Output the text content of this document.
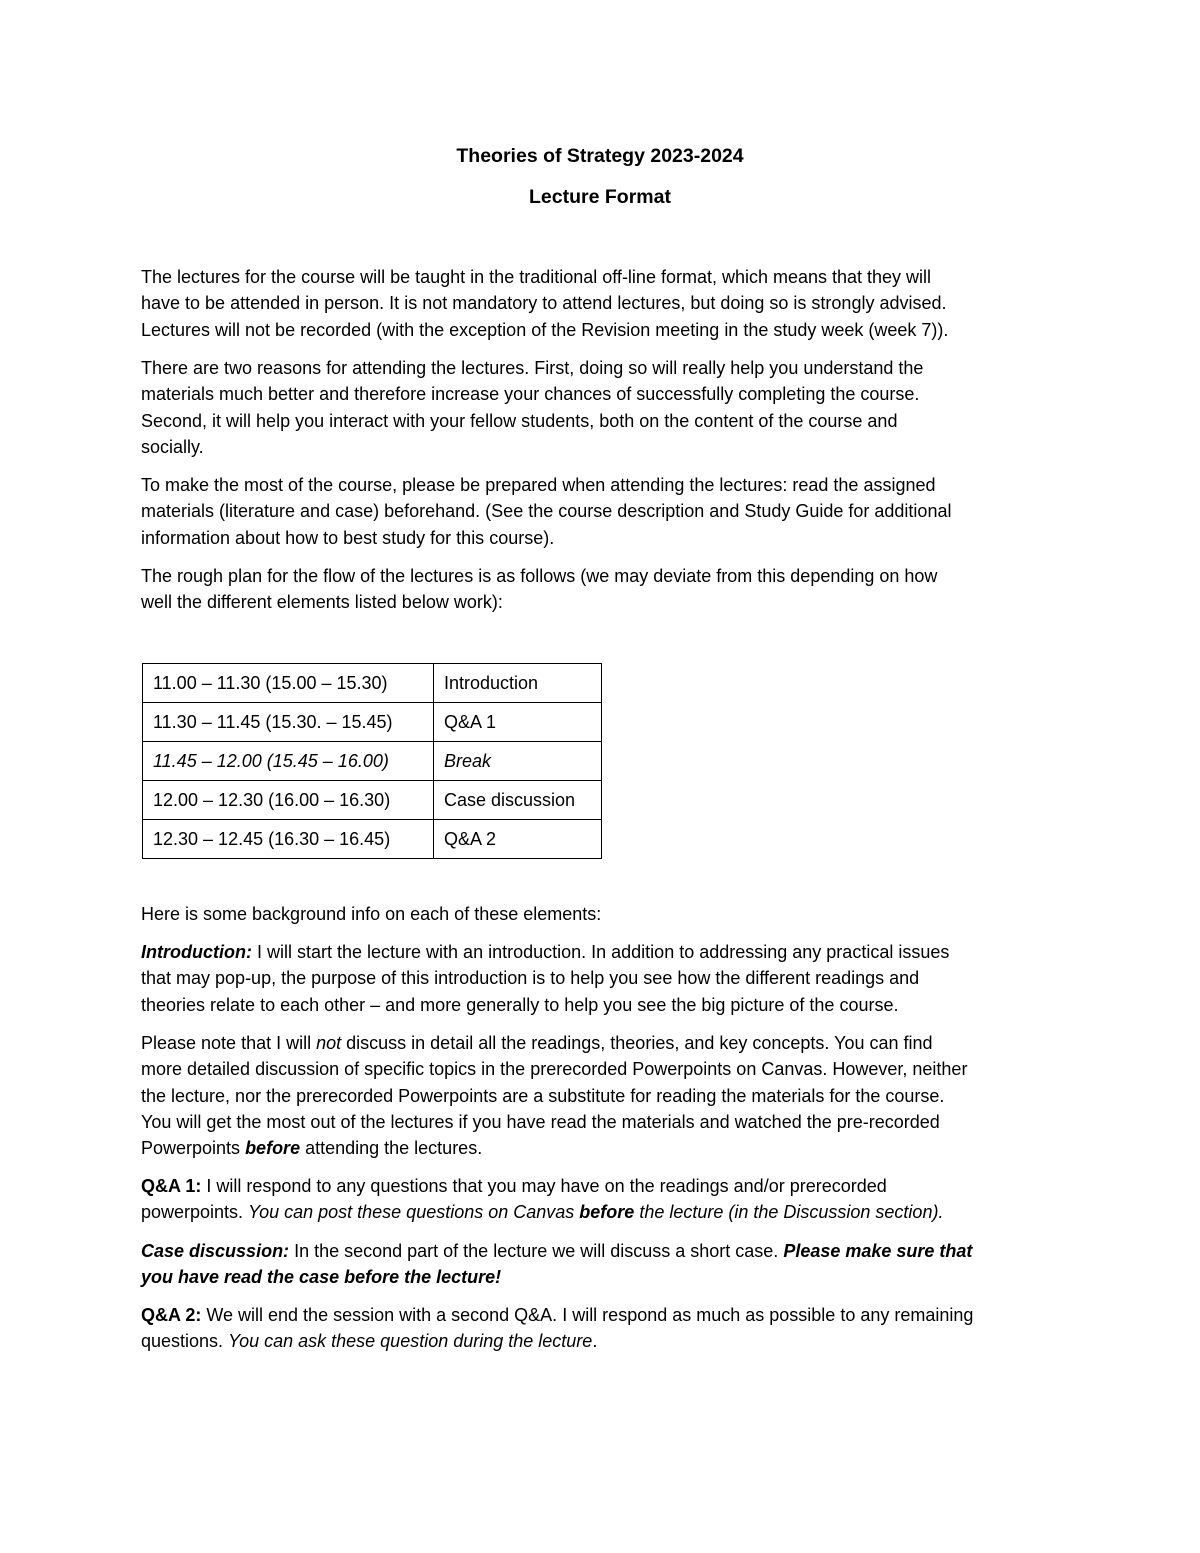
Theories of Strategy 2023-2024
Lecture Format

The lectures for the course will be taught in the traditional off-line format, which means that they will
have to be attended in person. It is not mandatory to attend lectures, but doing so is strongly advised.
Lectures will not be recorded (with the exception of the Revision meeting in the study week (week 7)).

There are two reasons for attending the lectures. First, doing so will really help you understand the
materials much better and therefore increase your chances of successfully completing the course.
Second, it will help you interact with your fellow students, both on the content of the course and
socially.

To make the most of the course, please be prepared when attending the lectures: read the assigned
materials (literature and case) beforehand. (See the course description and Study Guide for additional
information about how to best study for this course).

The rough plan for the flow of the lectures is as follows (we may deviate from this depending on how
well the different elements listed below work):

11.00 – 11.30 (15.00 – 15.30)	Introduction
11.30 – 11.45 (15.30. – 15.45)	Q&A 1
11.45 – 12.00 (15.45 – 16.00)	Break
12.00 – 12.30 (16.00 – 16.30)	Case discussion
12.30 – 12.45 (16.30 – 16.45)	Q&A 2

Here is some background info on each of these elements:

Introduction: I will start the lecture with an introduction. In addition to addressing any practical issues
that may pop-up, the purpose of this introduction is to help you see how the different readings and
theories relate to each other – and more generally to help you see the big picture of the course.

Please note that I will not discuss in detail all the readings, theories, and key concepts. You can find
more detailed discussion of specific topics in the prerecorded Powerpoints on Canvas. However, neither
the lecture, nor the prerecorded Powerpoints are a substitute for reading the materials for the course.
You will get the most out of the lectures if you have read the materials and watched the pre-recorded
Powerpoints before attending the lectures.

Q&A 1: I will respond to any questions that you may have on the readings and/or prerecorded
powerpoints. You can post these questions on Canvas before the lecture (in the Discussion section).

Case discussion: In the second part of the lecture we will discuss a short case. Please make sure that
you have read the case before the lecture!

Q&A 2: We will end the session with a second Q&A. I will respond as much as possible to any remaining
questions. You can ask these question during the lecture.
